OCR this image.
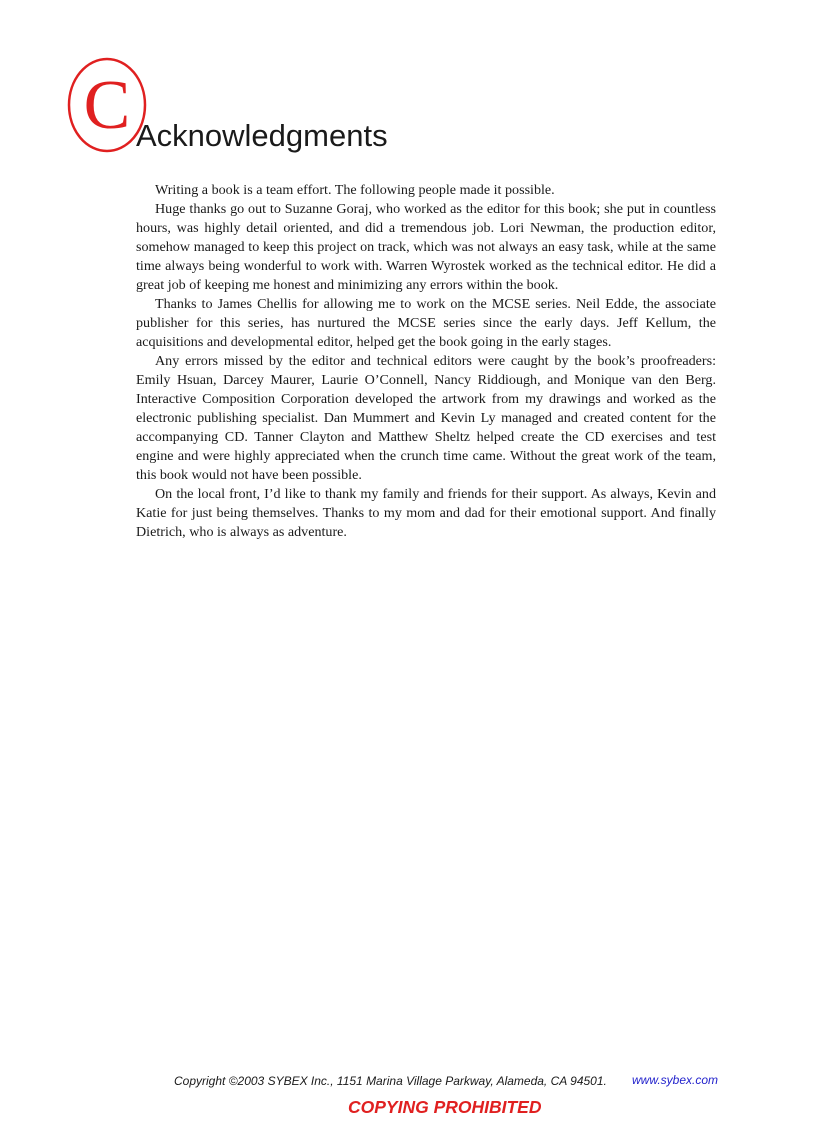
C Acknowledgments

Writing a book is a team effort. The following people made it possible.

Huge thanks go out to Suzanne Goraj, who worked as the editor for this book; she put in countless hours, was highly detail oriented, and did a tremendous job. Lori Newman, the production editor, somehow managed to keep this project on track, which was not always an easy task, while at the same time always being wonderful to work with. Warren Wyrostek worked as the technical editor. He did a great job of keeping me honest and minimizing any errors within the book.

Thanks to James Chellis for allowing me to work on the MCSE series. Neil Edde, the associate publisher for this series, has nurtured the MCSE series since the early days. Jeff Kellum, the acquisitions and developmental editor, helped get the book going in the early stages.

Any errors missed by the editor and technical editors were caught by the book’s proofreaders: Emily Hsuan, Darcey Maurer, Laurie O’Connell, Nancy Riddiough, and Monique van den Berg. Interactive Composition Corporation developed the artwork from my drawings and worked as the electronic publishing specialist. Dan Mummert and Kevin Ly managed and created content for the accompanying CD. Tanner Clayton and Matthew Sheltz helped create the CD exercises and test engine and were highly appreciated when the crunch time came. Without the great work of the team, this book would not have been possible.

On the local front, I’d like to thank my family and friends for their support. As always, Kevin and Katie for just being themselves. Thanks to my mom and dad for their emotional support. And finally Dietrich, who is always as adventure.

Copyright ©2003 SYBEX Inc., 1151 Marina Village Parkway, Alameda, CA 94501. www.sybex.com
COPYING PROHIBITED
